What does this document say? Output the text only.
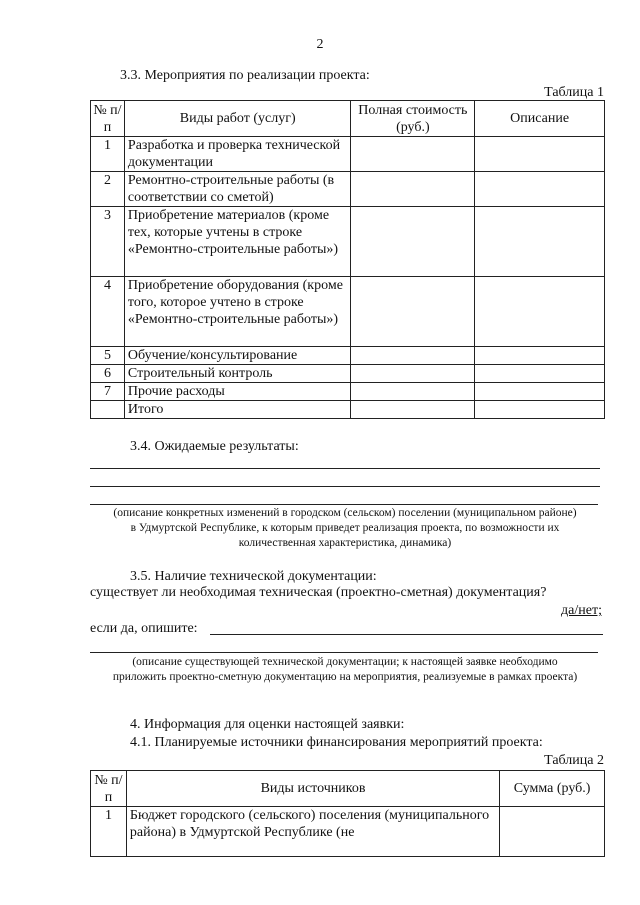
2
3.3. Мероприятия по реализации проекта:
Таблица 1
№ п/п	Виды работ (услуг)	Полная стоимость (руб.)	Описание
1	Разработка и проверка технической документации		
2	Ремонтно-строительные работы (в соответствии со сметой)		
3	Приобретение материалов (кроме тех, которые учтены в строке «Ремонтно-строительные работы»)		
4	Приобретение оборудования (кроме того, которое учтено в строке «Ремонтно-строительные работы»)		
5	Обучение/консультирование		
6	Строительный контроль		
7	Прочие расходы		
	Итого		
3.4. Ожидаемые результаты:
(описание конкретных изменений в городском (сельском) поселении (муниципальном районе) в Удмуртской Республике, к которым приведет реализация проекта, по возможности их количественная характеристика, динамика)
3.5. Наличие технической документации:
существует ли необходимая техническая (проектно-сметная) документация?
да/нет;
если да, опишите:
(описание существующей технической документации; к настоящей заявке необходимо приложить проектно-сметную документацию на мероприятия, реализуемые в рамках проекта)
4. Информация для оценки настоящей заявки:
4.1. Планируемые источники финансирования мероприятий проекта:
Таблица 2
№ п/п	Виды источников	Сумма (руб.)
1	Бюджет городского (сельского) поселения (муниципального района) в Удмуртской Республике (не	
